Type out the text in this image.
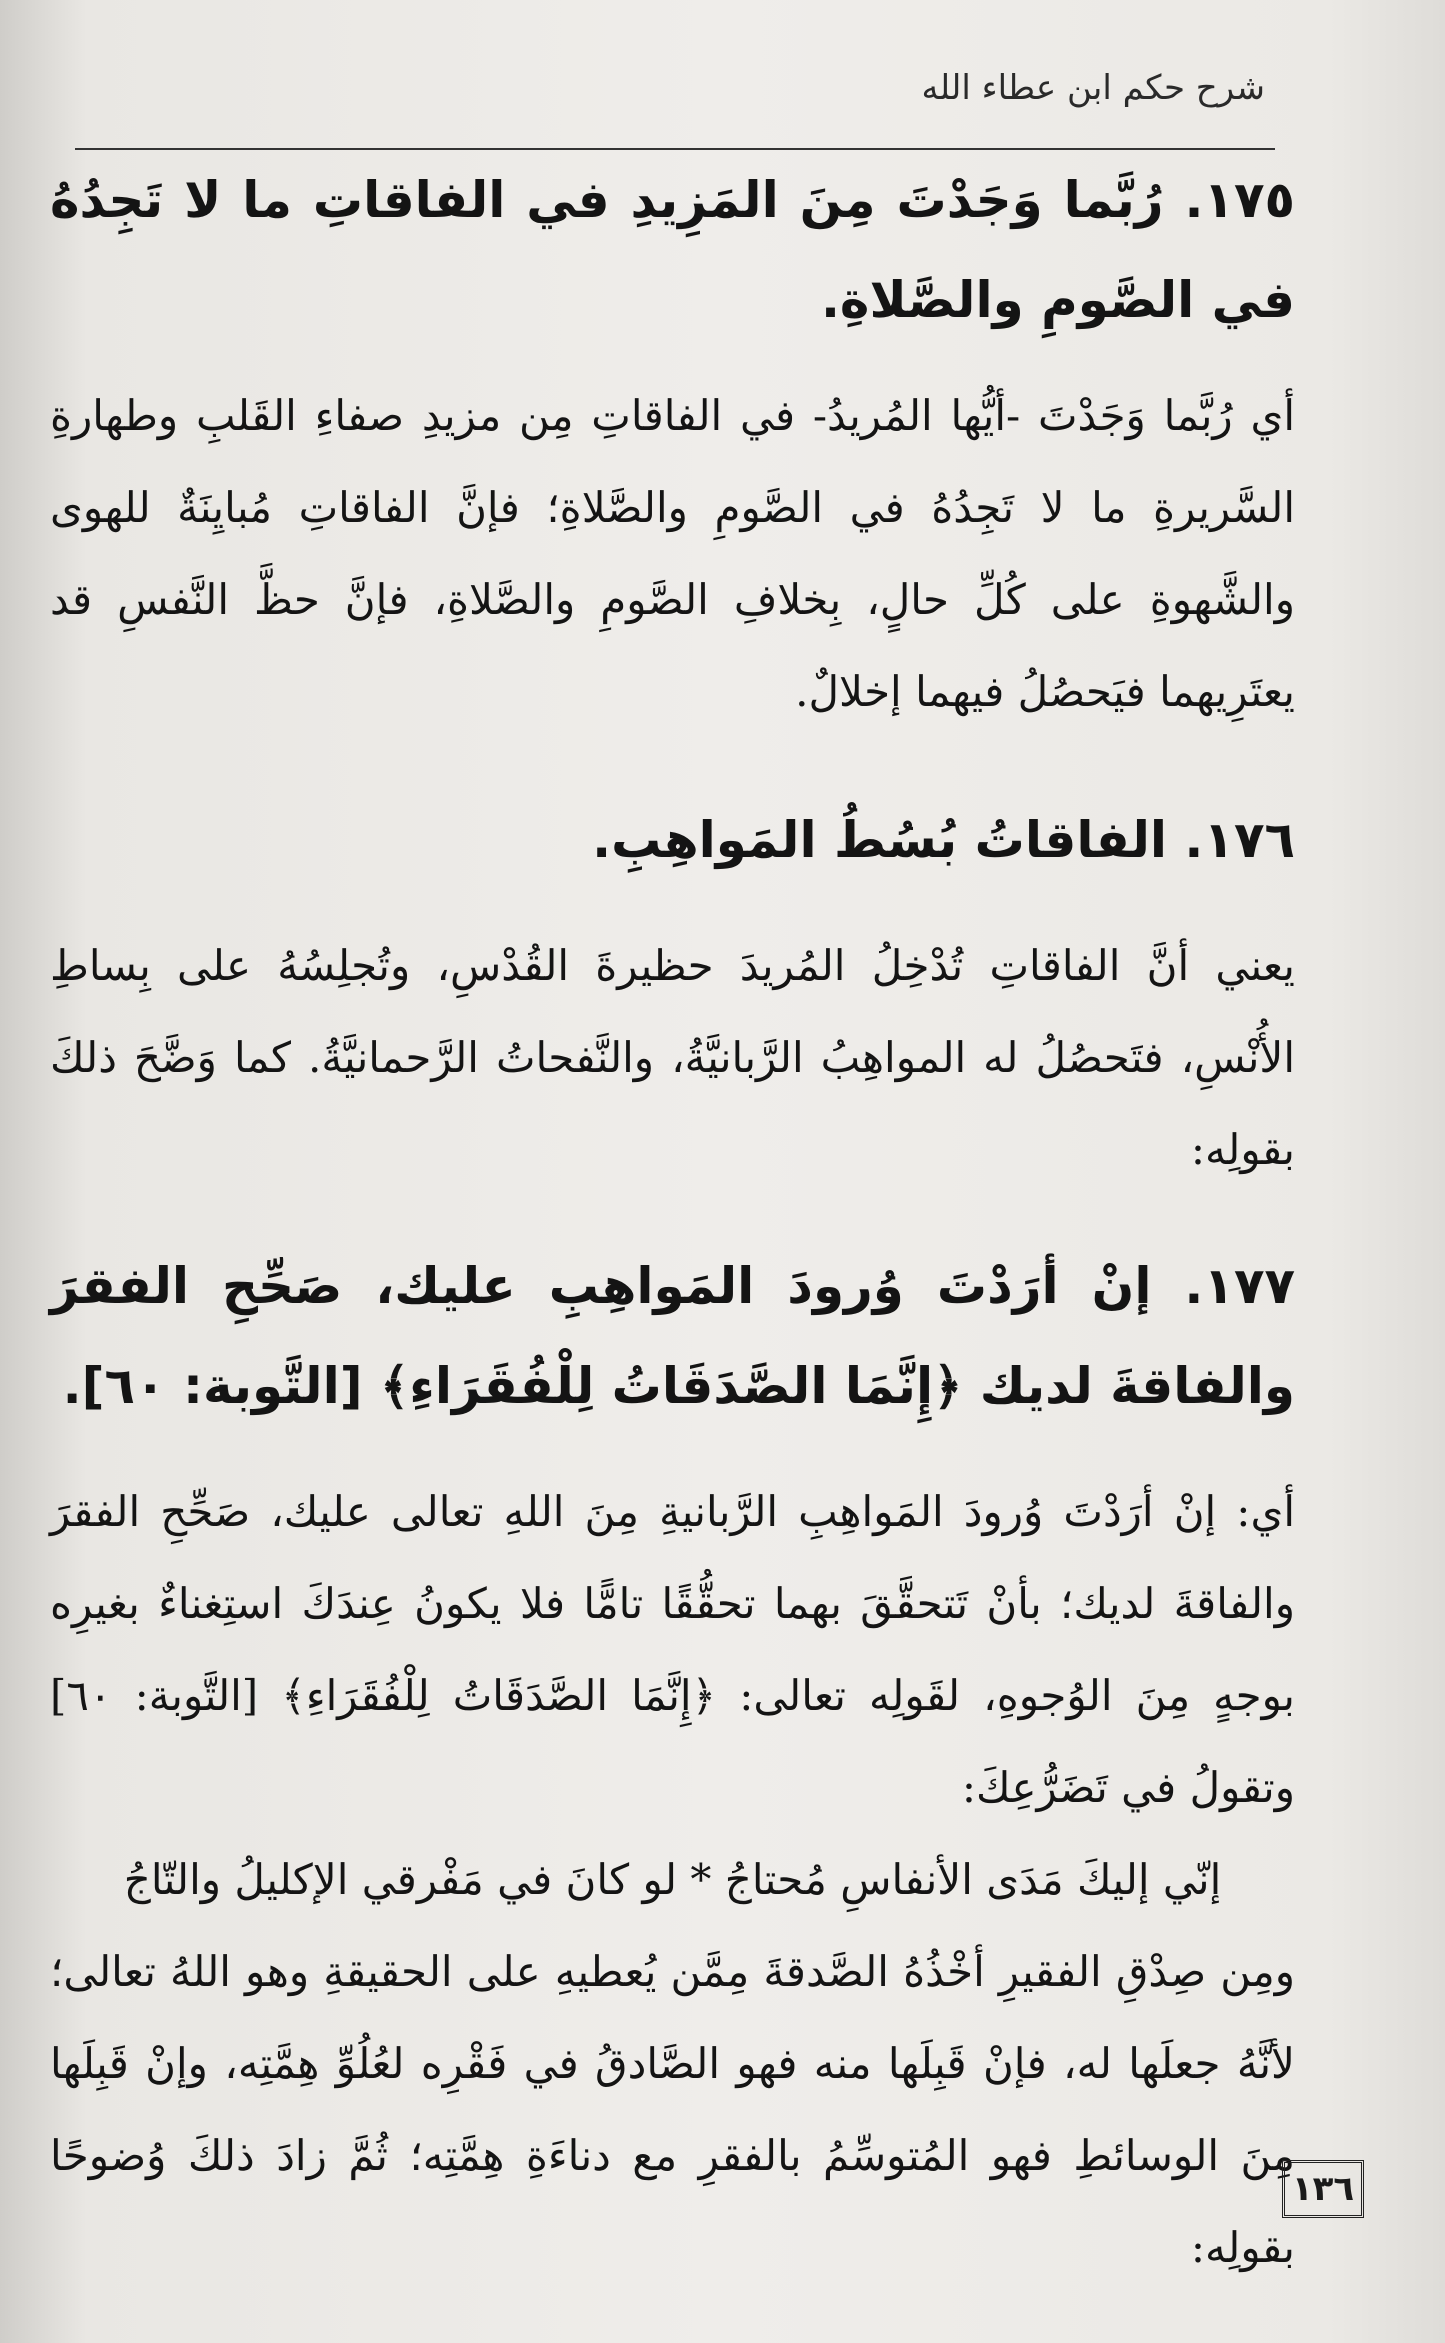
شرح حكم ابن عطاء الله

١٧٥. رُبَّما وَجَدْتَ مِنَ المَزِيدِ في الفاقاتِ ما لا تَجِدُهُ في الصَّومِ والصَّلاةِ.

أي رُبَّما وَجَدْتَ -أيُّها المُريدُ- في الفاقاتِ مِن مزيدِ صفاءِ القَلبِ وطهارةِ السَّريرةِ ما لا تَجِدُهُ في الصَّومِ والصَّلاةِ؛ فإنَّ الفاقاتِ مُبايِنَةٌ للهوى والشَّهوةِ على كُلِّ حالٍ، بِخلافِ الصَّومِ والصَّلاةِ، فإنَّ حظَّ النَّفسِ قد يعتَرِيهما فيَحصُلُ فيهما إخلالٌ.

١٧٦. الفاقاتُ بُسُطُ المَواهِبِ.

يعني أنَّ الفاقاتِ تُدْخِلُ المُريدَ حظيرةَ القُدْسِ، وتُجلِسُهُ على بِساطِ الأُنْسِ، فتَحصُلُ له المواهِبُ الرَّبانيَّةُ، والنَّفحاتُ الرَّحمانيَّةُ. كما وَضَّحَ ذلكَ بقولِه:

١٧٧. إنْ أرَدْتَ وُرودَ المَواهِبِ عليك، صَحِّحِ الفقرَ والفاقةَ لديك ﴿إِنَّمَا الصَّدَقَاتُ لِلْفُقَرَاءِ﴾ [التَّوبة: ٦٠].

أي: إنْ أرَدْتَ وُرودَ المَواهِبِ الرَّبانيةِ مِنَ اللهِ تعالى عليك، صَحِّحِ الفقرَ والفاقةَ لديك؛ بأنْ تَتحقَّقَ بهما تحقُّقًا تامًّا فلا يكونُ عِندَكَ استِغناءٌ بغيرِه بوجهٍ مِنَ الوُجوهِ، لقَولِه تعالى: ﴿إِنَّمَا الصَّدَقَاتُ لِلْفُقَرَاءِ﴾ [التَّوبة: ٦٠] وتقولُ في تَضَرُّعِكَ:

إنّي إليكَ مَدَى الأنفاسِ مُحتاجُ * لو كانَ في مَفْرقي الإكليلُ والتّاجُ

ومِن صِدْقِ الفقيرِ أخْذُهُ الصَّدقةَ مِمَّن يُعطيهِ على الحقيقةِ وهو اللهُ تعالى؛ لأنَّهُ جعلَها له، فإنْ قَبِلَها منه فهو الصَّادقُ في فَقْرِه لعُلُوِّ هِمَّتِه، وإنْ قَبِلَها مِنَ الوسائطِ فهو المُتوسِّمُ بالفقرِ مع دناءَةِ هِمَّتِه؛ ثُمَّ زادَ ذلكَ وُضوحًا بقولِه:

١٣٦
